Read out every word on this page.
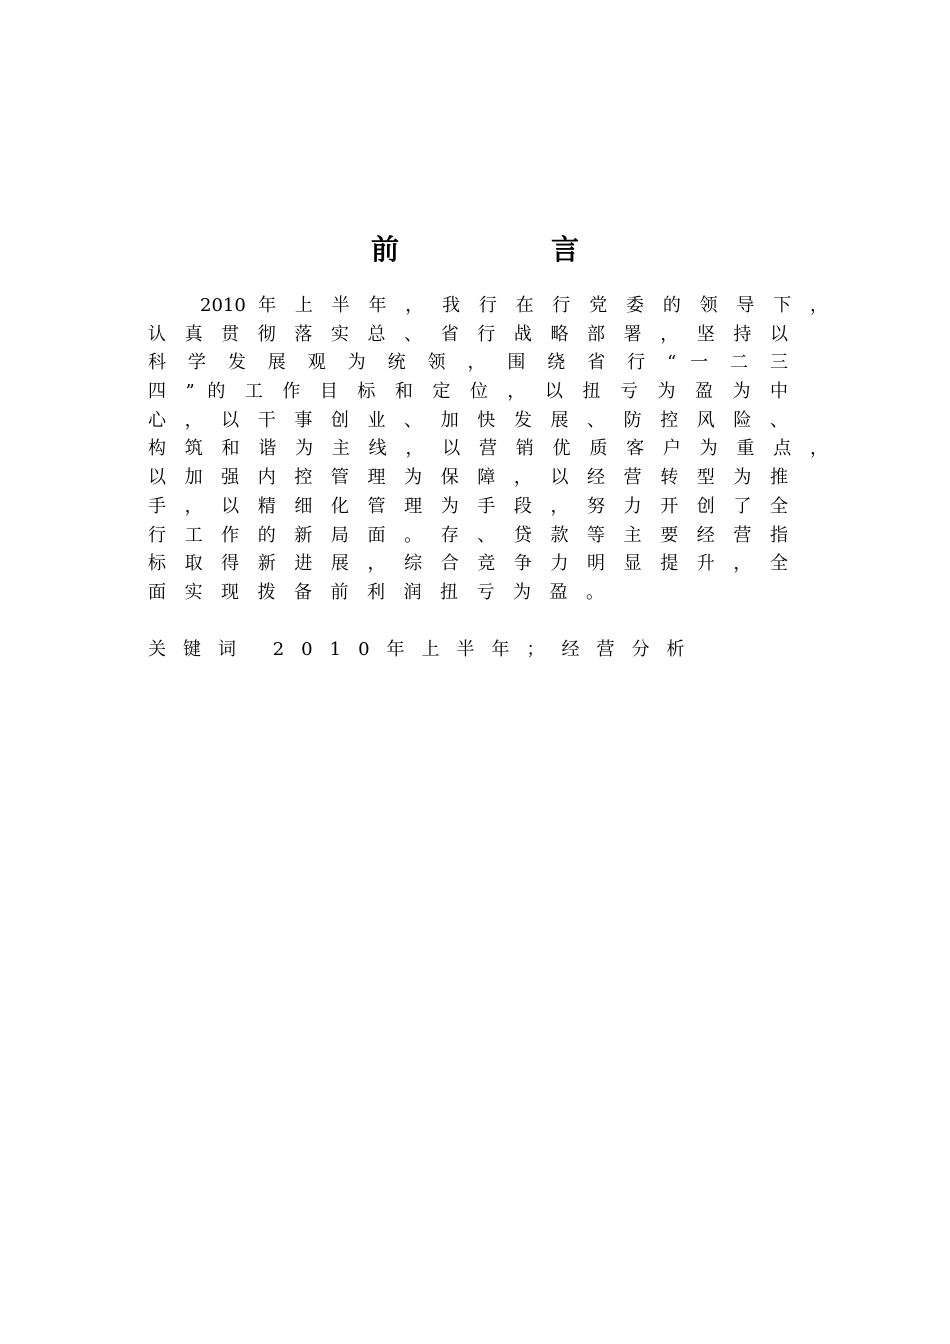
前　言
2010 年 上 半 年 ， 我 行 在 行 党 委 的 领 导 下 ，
认 真 贯 彻 落 实 总 、 省 行 战 略 部 署 ， 坚 持 以
科 学 发 展 观 为 统 领 ， 围 绕 省 行 “ 一 二 三
四 ” 的 工 作 目 标 和 定 位 ， 以 扭 亏 为 盈 为 中
心 ， 以 干 事 创 业 、 加 快 发 展 、 防 控 风 险 、
构 筑 和 谐 为 主 线 ， 以 营 销 优 质 客 户 为 重 点 ，
以 加 强 内 控 管 理 为 保 障 ， 以 经 营 转 型 为 推
手 ， 以 精 细 化 管 理 为 手 段 ， 努 力 开 创 了 全
行 工 作 的 新 局 面 。 存 、 贷 款 等 主 要 经 营 指
标 取 得 新 进 展 ， 综 合 竞 争 力 明 显 提 升 ， 全
面实现拨备前利润扭亏为盈。
关键词 2010年上半年；经营分析
